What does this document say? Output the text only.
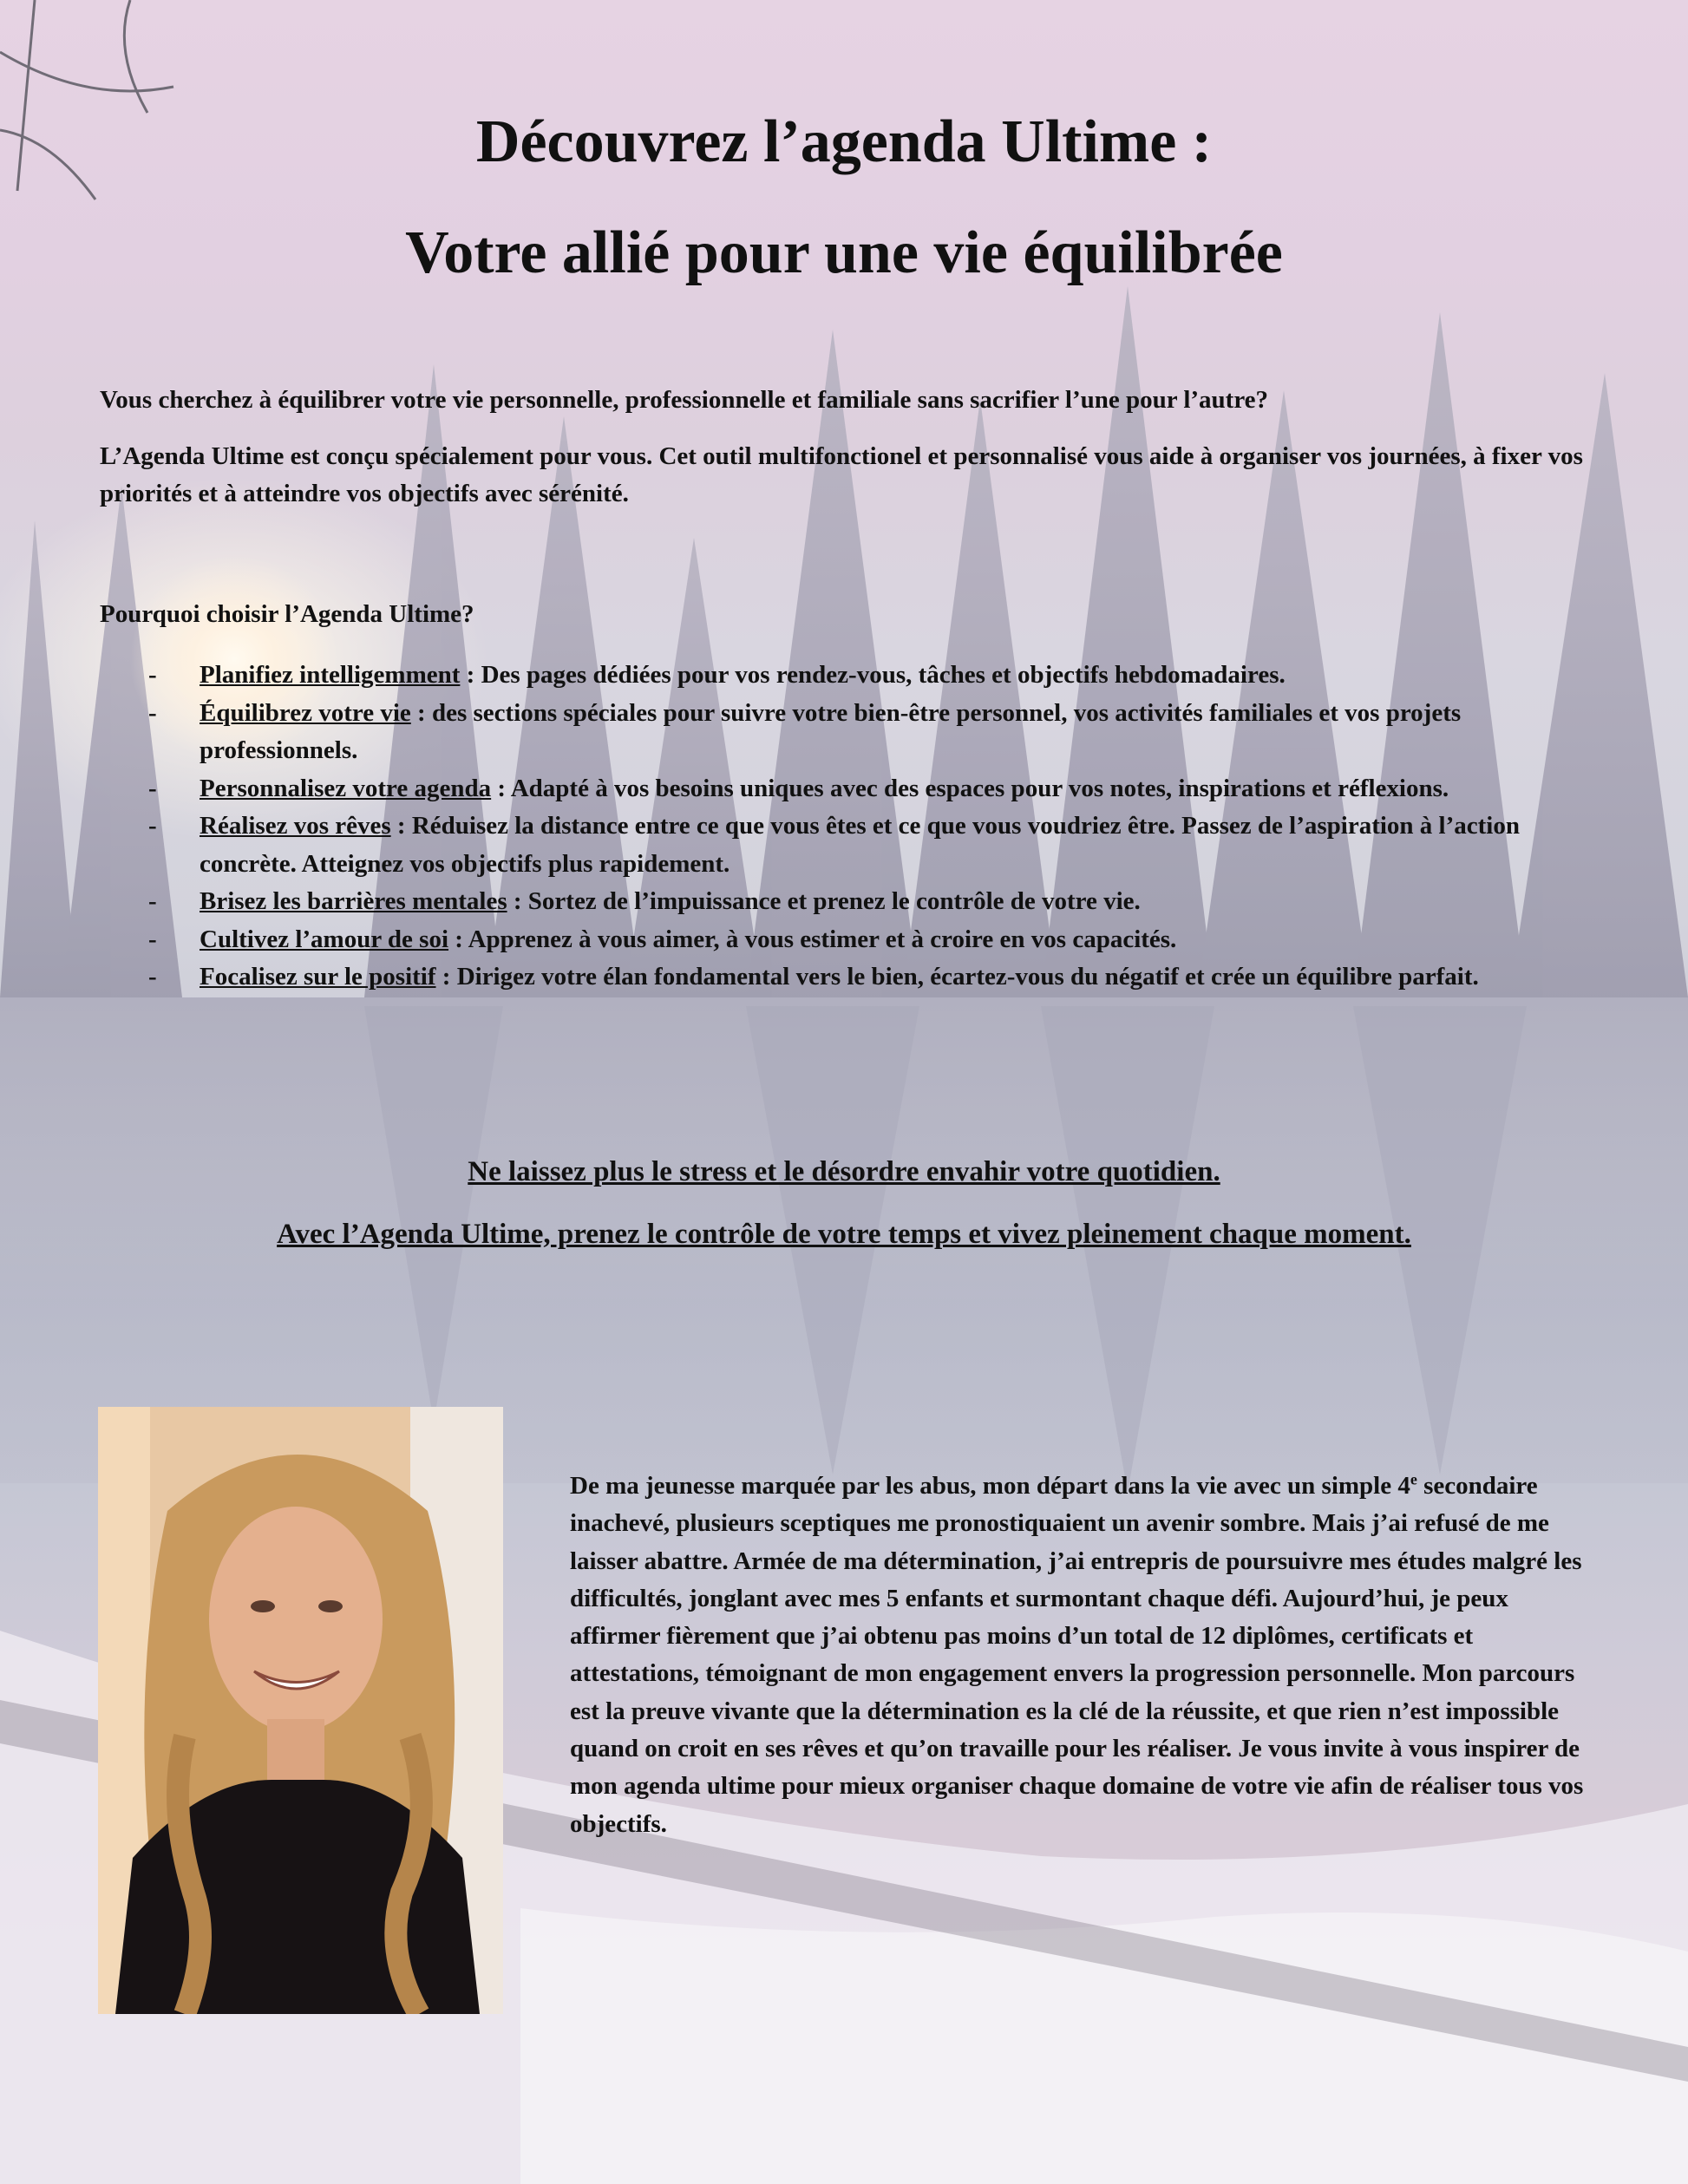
Découvrez l’agenda Ultime :
Votre allié pour une vie équilibrée

Vous cherchez à équilibrer votre vie personnelle, professionnelle et familiale sans sacrifier l’une pour l’autre?

L’Agenda Ultime est conçu spécialement pour vous. Cet outil multifonctionel et personnalisé vous aide à organiser vos journées, à fixer vos priorités et à atteindre vos objectifs avec sérénité.

Pourquoi choisir l’Agenda Ultime?

- Planifiez intelligemment : Des pages dédiées pour vos rendez-vous, tâches et objectifs hebdomadaires.
- Équilibrez votre vie : des sections spéciales pour suivre votre bien-être personnel, vos activités familiales et vos projets professionnels.
- Personnalisez votre agenda : Adapté à vos besoins uniques avec des espaces pour vos notes, inspirations et réflexions.
- Réalisez vos rêves : Réduisez la distance entre ce que vous êtes et ce que vous voudriez être. Passez de l’aspiration à l’action concrète. Atteignez vos objectifs plus rapidement.
- Brisez les barrières mentales : Sortez de l’impuissance et prenez le contrôle de votre vie.
- Cultivez l’amour de soi : Apprenez à vous aimer, à vous estimer et à croire en vos capacités.
- Focalisez sur le positif : Dirigez votre élan fondamental vers le bien, écartez-vous du négatif et crée un équilibre parfait.

Ne laissez plus le stress et le désordre envahir votre quotidien.

Avec l’Agenda Ultime, prenez le contrôle de votre temps et vivez pleinement chaque moment.

De ma jeunesse marquée par les abus, mon départ dans la vie avec un simple 4e secondaire inachevé, plusieurs sceptiques me pronostiquaient un avenir sombre. Mais j’ai refusé de me laisser abattre. Armée de ma détermination, j’ai entrepris de poursuivre mes études malgré les difficultés, jonglant avec mes 5 enfants et surmontant chaque défi. Aujourd’hui, je peux affirmer fièrement que j’ai obtenu pas moins d’un total de 12 diplômes, certificats et attestations, témoignant de mon engagement envers la progression personnelle. Mon parcours est la preuve vivante que la détermination es la clé de la réussite, et que rien n’est impossible quand on croit en ses rêves et qu’on travaille pour les réaliser. Je vous invite à vous inspirer de mon agenda ultime pour mieux organiser chaque domaine de votre vie afin de réaliser tous vos objectifs.
